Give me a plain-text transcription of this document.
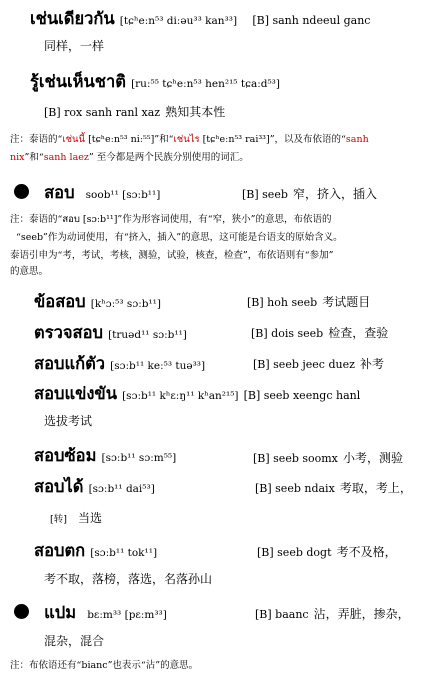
เช่นเดียวกัน [tɕʰeːn⁵³ diːəu³³ kan³³] [B] sanh ndeeul ganc
同样，一样
รู้เช่นเห็นชาติ [ruː⁵⁵ tɕʰeːn⁵³ hen²¹⁵ tɕaːd⁵³]
[B] rox sanh ranl xaz 熟知其本性
注：泰语的“เช่นนี้ [tɕʰeːn⁵³ niː⁵⁵]”和“เช่นไร [tɕʰeːn⁵³ rai³³]”，以及布依语的“sanh
nix”和“sanh laez” 至今都是两个民族分别使用的词汇。
สอบ soob¹¹ [sɔːb¹¹]	[B] seeb 窄，挤入，插入
注：泰语的“สอบ [sɔːb¹¹]”作为形容词使用，有“窄，狭小”的意思，布依语的
“seeb”作为动词使用，有“挤入，插入”的意思，这可能是台语支的原始含义。
泰语引申为“考，考试，考核，测验，试验，核查，检查”，布依语则有“参加”
的意思。
ข้อสอบ [kʰɔː⁵³ sɔːb¹¹]	[B] hoh seeb 考试题目
ตรวจสอบ [truəd¹¹ sɔːb¹¹]	[B] dois seeb 检查，查验
สอบแก้ตัว [sɔːb¹¹ keː⁵³ tuə³³]	[B] seeb jeec duez 补考
สอบแข่งขัน [sɔːb¹¹ kʰɛːŋ¹¹ kʰan²¹⁵] [B] seeb xeengc hanl
选拔考试
สอบซ้อม [sɔːb¹¹ sɔːm⁵⁵]	[B] seeb soomx 小考，测验
สอบได้ [sɔːb¹¹ dai⁵³]	[B] seeb ndaix 考取，考上，
[转] 当选
สอบตก [sɔːb¹¹ tok¹¹]	[B] seeb dogt 考不及格，
考不取，落榜，落选，名落孙山
แปม bɛːm³³ [pɛːm³³]	[B] baanc 沾，弄脏，掺杂，
混杂，混合
注：布依语还有“bianc”也表示“沾”的意思。
